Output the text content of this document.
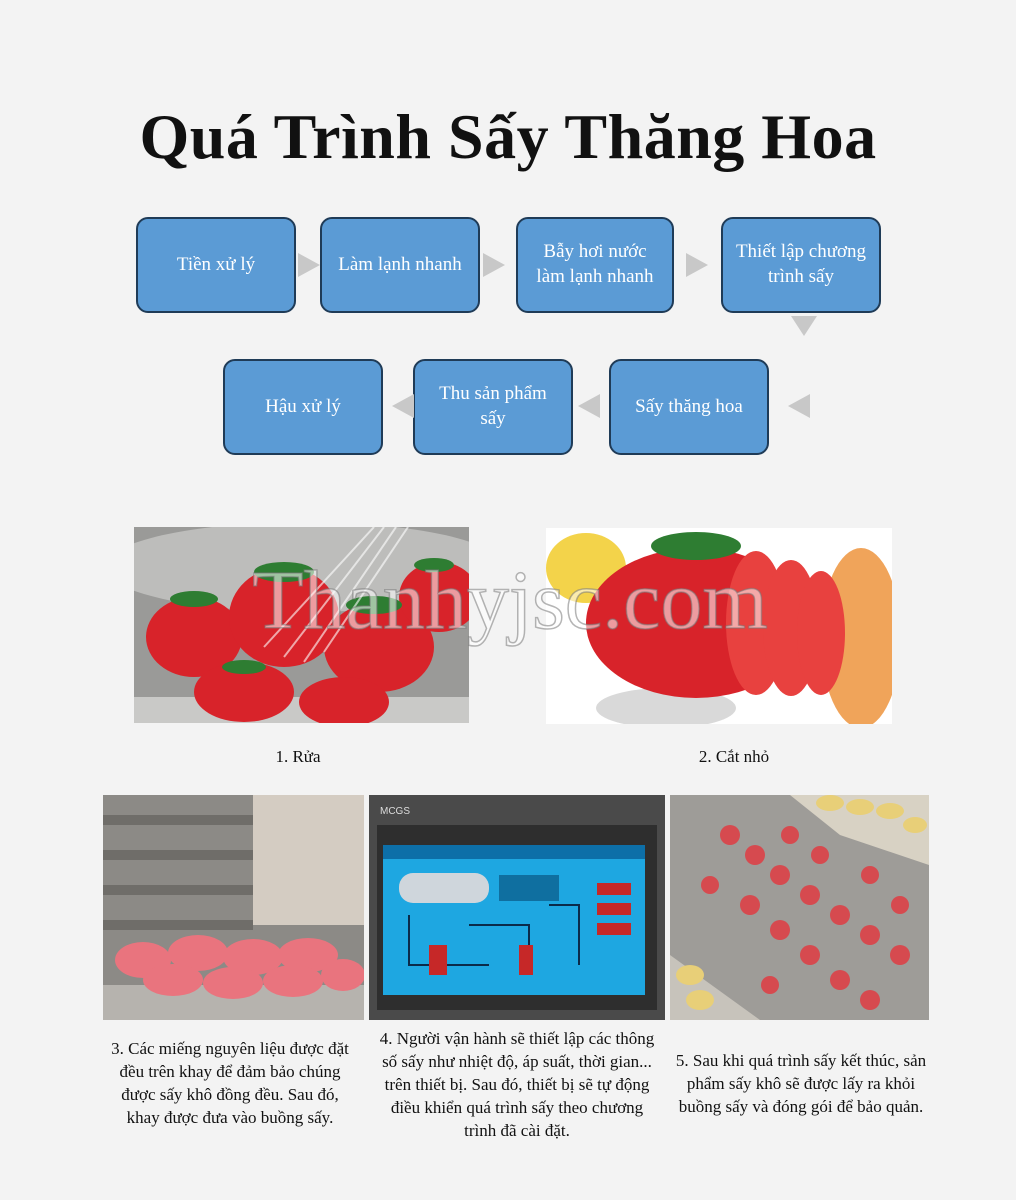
Quá Trình Sấy Thăng Hoa
Tiền xử lý	Làm lạnh nhanh
Bẫy hơi nước làm lạnh nhanh
Thiết lập chương trình sấy
Sấy thăng hoa
Thu sản phẩm sấy
Hậu xử lý
Thanhyjsc.com
1. Rửa	2. Cắt nhỏ
MCGS
3. Các miếng nguyên liệu được đặt đều trên khay để đảm bảo chúng được sấy khô đồng đều. Sau đó, khay được đưa vào buồng sấy.
4. Người vận hành sẽ thiết lập các thông số sấy như nhiệt độ, áp suất, thời gian... trên thiết bị. Sau đó, thiết bị sẽ tự động điều khiển quá trình sấy theo chương trình đã cài đặt.
5. Sau khi quá trình sấy kết thúc, sản phẩm sấy khô sẽ được lấy ra khỏi buồng sấy và đóng gói để bảo quản.
